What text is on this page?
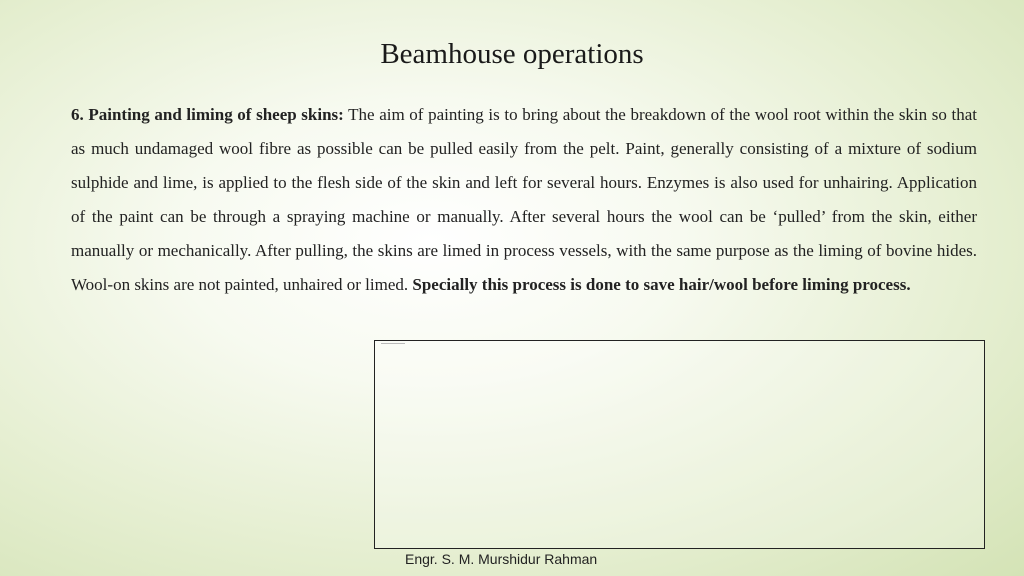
Beamhouse operations
6. Painting and liming of sheep skins: The aim of painting is to bring about the breakdown of the wool root within the skin so that as much undamaged wool fibre as possible can be pulled easily from the pelt. Paint, generally consisting of a mixture of sodium sulphide and lime, is applied to the flesh side of the skin and left for several hours. Enzymes is also used for unhairing. Application of the paint can be through a spraying machine or manually. After several hours the wool can be ‘pulled’ from the skin, either manually or mechanically. After pulling, the skins are limed in process vessels, with the same purpose as the liming of bovine hides. Wool-on skins are not painted, unhaired or limed. Specially this process is done to save hair/wool before liming process.
Engr. S. M. Murshidur Rahman
